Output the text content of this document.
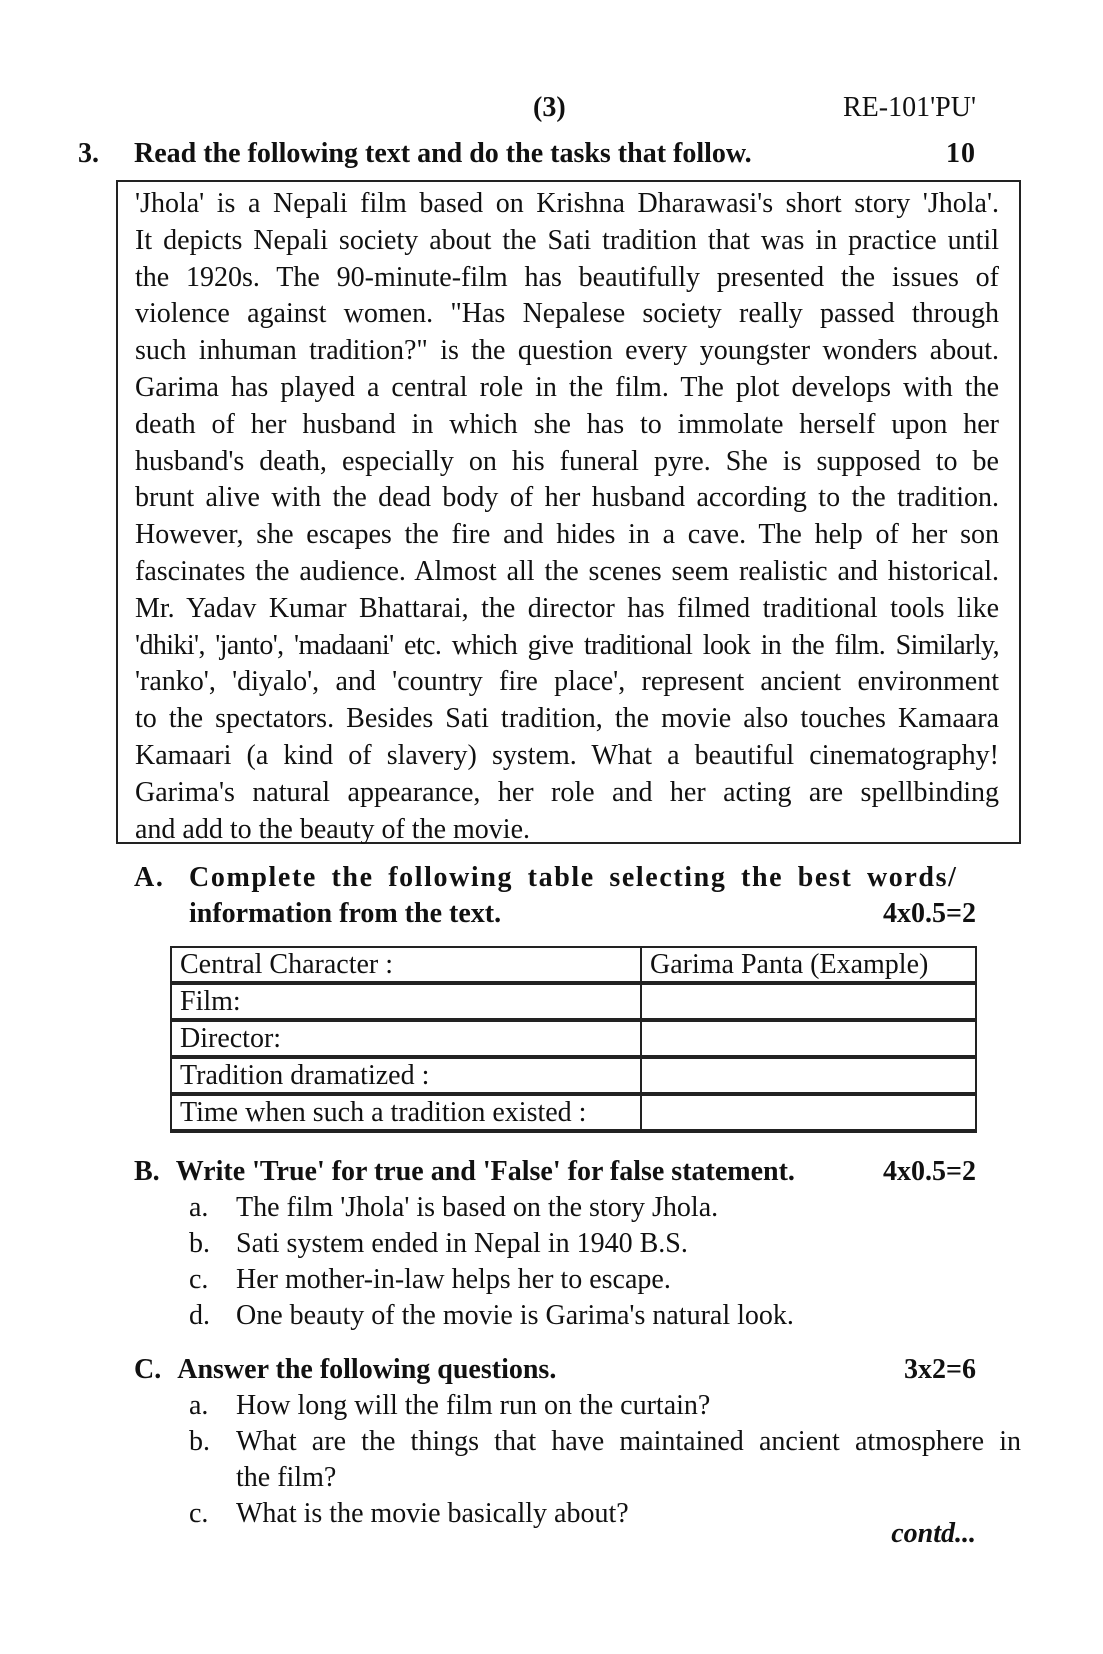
(3)	RE-101'PU'
3. Read the following text and do the tasks that follow.	10
'Jhola' is a Nepali film based on Krishna Dharawasi's short story 'Jhola'.
It depicts Nepali society about the Sati tradition that was in practice until
the 1920s. The 90-minute-film has beautifully presented the issues of
violence against women. "Has Nepalese society really passed through
such inhuman tradition?" is the question every youngster wonders about.
Garima has played a central role in the film. The plot develops with the
death of her husband in which she has to immolate herself upon her
husband's death, especially on his funeral pyre. She is supposed to be
brunt alive with the dead body of her husband according to the tradition.
However, she escapes the fire and hides in a cave. The help of her son
fascinates the audience. Almost all the scenes seem realistic and historical.
Mr. Yadav Kumar Bhattarai, the director has filmed traditional tools like
'dhiki', 'janto', 'madaani' etc. which give traditional look in the film. Similarly,
'ranko', 'diyalo', and 'country fire place', represent ancient environment
to the spectators. Besides Sati tradition, the movie also touches Kamaara
Kamaari (a kind of slavery) system. What a beautiful cinematography!
Garima's natural appearance, her role and her acting are spellbinding
and add to the beauty of the movie.
A. Complete the following table selecting the best words/
information from the text.	4x0.5=2
Central Character :	Garima Panta (Example)
Film:	
Director:	
Tradition dramatized :	
Time when such a tradition existed :	
B. Write 'True' for true and 'False' for false statement.	4x0.5=2
a. The film 'Jhola' is based on the story Jhola.
b. Sati system ended in Nepal in 1940 B.S.
c. Her mother-in-law helps her to escape.
d. One beauty of the movie is Garima's natural look.
C. Answer the following questions.	3x2=6
a. How long will the film run on the curtain?
b. What are the things that have maintained ancient atmosphere in
the film?
c. What is the movie basically about?
contd...
